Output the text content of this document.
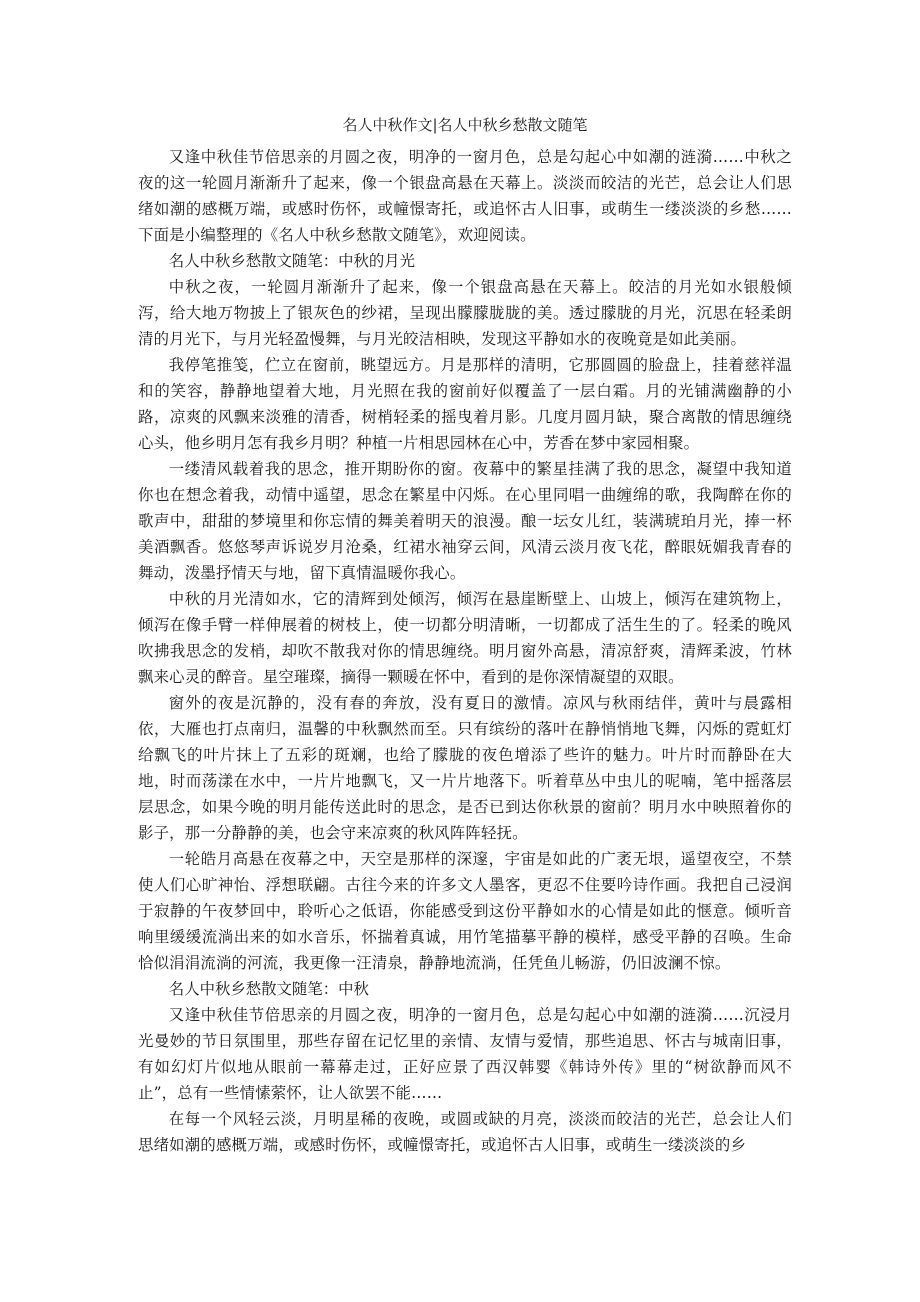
名人中秋作文|名人中秋乡愁散文随笔

又逢中秋佳节倍思亲的月圆之夜，明净的一窗月色，总是勾起心中如潮的涟漪……中秋之夜的这一轮圆月渐渐升了起来，像一个银盘高悬在天幕上。淡淡而皎洁的光芒，总会让人们思绪如潮的感概万端，或感时伤怀，或幢憬寄托，或追怀古人旧事，或萌生一缕淡淡的乡愁……下面是小编整理的《名人中秋乡愁散文随笔》，欢迎阅读。

名人中秋乡愁散文随笔：中秋的月光

中秋之夜，一轮圆月渐渐升了起来，像一个银盘高悬在天幕上。皎洁的月光如水银般倾泻，给大地万物披上了银灰色的纱裙，呈现出朦朦胧胧的美。透过朦胧的月光，沉思在轻柔朗清的月光下，与月光轻盈慢舞，与月光皎洁相映，发现这平静如水的夜晚竟是如此美丽。

我停笔推笺，伫立在窗前，眺望远方。月是那样的清明，它那圆圆的脸盘上，挂着慈祥温和的笑容，静静地望着大地，月光照在我的窗前好似覆盖了一层白霜。月的光铺满幽静的小路，凉爽的风飘来淡雅的清香，树梢轻柔的摇曳着月影。几度月圆月缺，聚合离散的情思缠绕心头，他乡明月怎有我乡月明？种植一片相思园林在心中，芳香在梦中家园相聚。

一缕清风载着我的思念，推开期盼你的窗。夜幕中的繁星挂满了我的思念，凝望中我知道你也在想念着我，动情中遥望，思念在繁星中闪烁。在心里同唱一曲缠绵的歌，我陶醉在你的歌声中，甜甜的梦境里和你忘情的舞美着明天的浪漫。酿一坛女儿红，装满琥珀月光，捧一杯美酒飘香。悠悠琴声诉说岁月沧桑，红裙水袖穿云间，风清云淡月夜飞花，醉眼妩媚我青春的舞动，泼墨抒情天与地，留下真情温暖你我心。

中秋的月光清如水，它的清辉到处倾泻，倾泻在悬崖断壁上、山坡上，倾泻在建筑物上，倾泻在像手臂一样伸展着的树枝上，使一切都分明清晰，一切都成了活生生的了。轻柔的晚风吹拂我思念的发梢，却吹不散我对你的情思缠绕。明月窗外高悬，清凉舒爽，清辉柔波，竹林飘来心灵的醉音。星空璀璨，摘得一颗暖在怀中，看到的是你深情凝望的双眼。

窗外的夜是沉静的，没有春的奔放，没有夏日的激情。凉风与秋雨结伴，黄叶与晨露相依，大雁也打点南归，温馨的中秋飘然而至。只有缤纷的落叶在静悄悄地飞舞，闪烁的霓虹灯给飘飞的叶片抹上了五彩的斑斓，也给了朦胧的夜色增添了些许的魅力。叶片时而静卧在大地，时而荡漾在水中，一片片地飘飞，又一片片地落下。听着草丛中虫儿的呢喃，笔中摇落层层思念，如果今晚的明月能传送此时的思念，是否已到达你秋景的窗前？明月水中映照着你的影子，那一分静静的美，也会守来凉爽的秋风阵阵轻抚。

一轮皓月高悬在夜幕之中，天空是那样的深邃，宇宙是如此的广袤无垠，遥望夜空，不禁使人们心旷神怡、浮想联翩。古往今来的许多文人墨客，更忍不住要吟诗作画。我把自己浸润于寂静的午夜梦回中，聆听心之低语，你能感受到这份平静如水的心情是如此的惬意。倾听音响里缓缓流淌出来的如水音乐，怀揣着真诚，用竹笔描摹平静的模样，感受平静的召唤。生命恰似涓涓流淌的河流，我更像一汪清泉，静静地流淌，任凭鱼儿畅游，仍旧波澜不惊。

名人中秋乡愁散文随笔：中秋

又逢中秋佳节倍思亲的月圆之夜，明净的一窗月色，总是勾起心中如潮的涟漪……沉浸月光曼妙的节日氛围里，那些存留在记忆里的亲情、友情与爱情，那些追思、怀古与城南旧事，有如幻灯片似地从眼前一幕幕走过，正好应景了西汉韩婴《韩诗外传》里的“树欲静而风不止”，总有一些情愫萦怀，让人欲罢不能……

在每一个风轻云淡，月明星稀的夜晚，或圆或缺的月亮，淡淡而皎洁的光芒，总会让人们思绪如潮的感概万端，或感时伤怀，或幢憬寄托，或追怀古人旧事，或萌生一缕淡淡的乡
